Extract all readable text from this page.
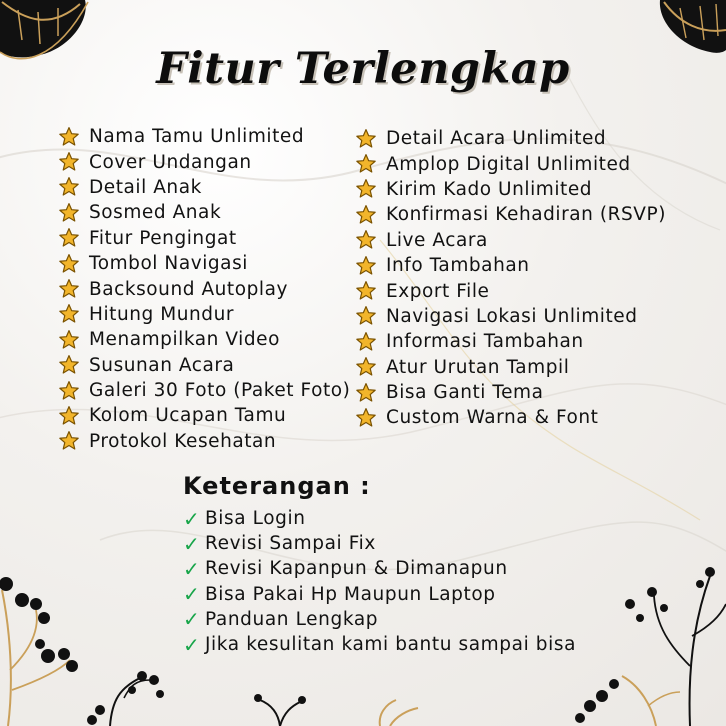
Fitur Terlengkap
Nama Tamu Unlimited
Cover Undangan
Detail Anak
Sosmed Anak
Fitur Pengingat
Tombol Navigasi
Backsound Autoplay
Hitung Mundur
Menampilkan Video
Susunan Acara
Galeri 30 Foto (Paket Foto)
Kolom Ucapan Tamu
Protokol Kesehatan
Detail Acara Unlimited
Amplop Digital Unlimited
Kirim Kado Unlimited
Konfirmasi Kehadiran (RSVP)
Live Acara
Info Tambahan
Export File
Navigasi Lokasi Unlimited
Informasi Tambahan
Atur Urutan Tampil
Bisa Ganti Tema
Custom Warna & Font
Keterangan :
✓ Bisa Login
✓ Revisi Sampai Fix
✓ Revisi Kapanpun & Dimanapun
✓ Bisa Pakai Hp Maupun Laptop
✓ Panduan Lengkap
✓ Jika kesulitan kami bantu sampai bisa
